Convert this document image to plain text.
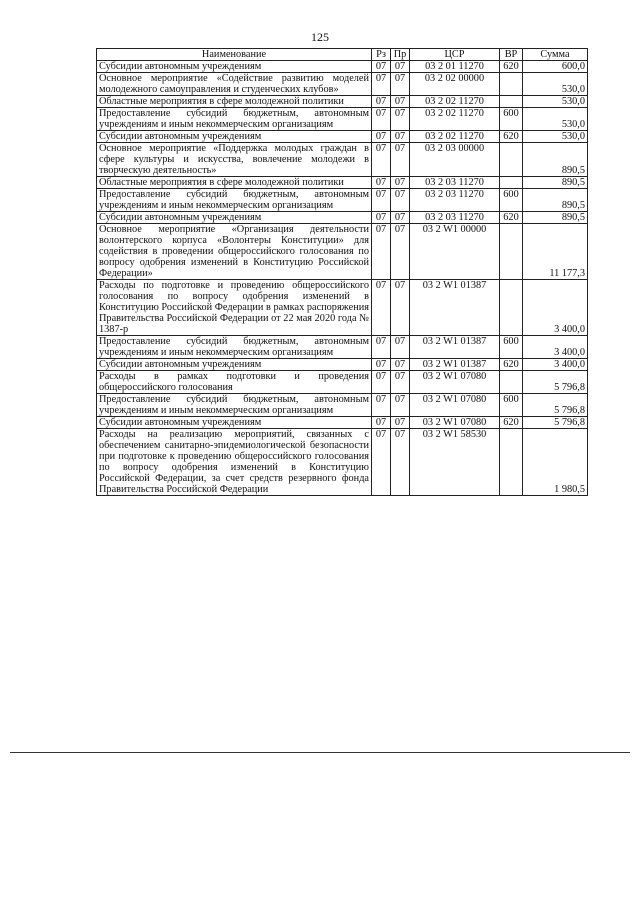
125
Наименование	Рз	Пр	ЦСР	ВР	Сумма
Субсидии автономным учреждениям	07	07	03 2 01 11270	620	600,0
Основное мероприятие «Содействие развитию моделей молодежного самоуправления и студенческих клубов»	07	07	03 2 02 00000		530,0
Областные мероприятия в сфере молодежной политики	07	07	03 2 02 11270		530,0
Предоставление субсидий бюджетным, автономным учреждениям и иным некоммерческим организациям	07	07	03 2 02 11270	600	530,0
Субсидии автономным учреждениям	07	07	03 2 02 11270	620	530,0
Основное мероприятие «Поддержка молодых граждан в сфере культуры и искусства, вовлечение молодежи в творческую деятельность»	07	07	03 2 03 00000		890,5
Областные мероприятия в сфере молодежной политики	07	07	03 2 03 11270		890,5
Предоставление субсидий бюджетным, автономным учреждениям и иным некоммерческим организациям	07	07	03 2 03 11270	600	890,5
Субсидии автономным учреждениям	07	07	03 2 03 11270	620	890,5
Основное мероприятие «Организация деятельности волонтерского корпуса «Волонтеры Конституции» для содействия в проведении общероссийского голосования по вопросу одобрения изменений в Конституцию Российской Федерации»	07	07	03 2 W1 00000		11 177,3
Расходы по подготовке и проведению общероссийского голосования по вопросу одобрения изменений в Конституцию Российской Федерации в рамках распоряжения Правительства Российской Федерации от 22 мая 2020 года № 1387-р	07	07	03 2 W1 01387		3 400,0
Предоставление субсидий бюджетным, автономным учреждениям и иным некоммерческим организациям	07	07	03 2 W1 01387	600	3 400,0
Субсидии автономным учреждениям	07	07	03 2 W1 01387	620	3 400,0
Расходы в рамках подготовки и проведения общероссийского голосования	07	07	03 2 W1 07080		5 796,8
Предоставление субсидий бюджетным, автономным учреждениям и иным некоммерческим организациям	07	07	03 2 W1 07080	600	5 796,8
Субсидии автономным учреждениям	07	07	03 2 W1 07080	620	5 796,8
Расходы на реализацию мероприятий, связанных с обеспечением санитарно-эпидемиологической безопасности при подготовке к проведению общероссийского голосования по вопросу одобрения изменений в Конституцию Российской Федерации, за счет средств резервного фонда Правительства Российской Федерации	07	07	03 2 W1 58530		1 980,5
